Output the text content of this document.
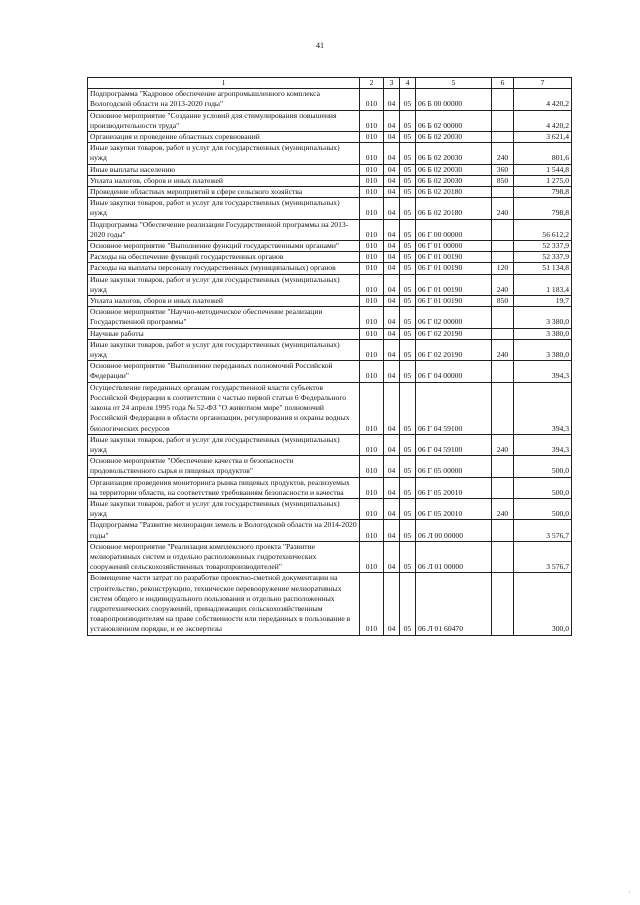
41
1	2	3	4	5	6	7
Подпрограмма "Кадровое обеспечение агропромышленного комплекса Вологодской области на 2013-2020 годы"	010	04	05	06 Б 00 00000		4 420,2
Основное мероприятие "Создание условий для стимулирования повышения производительности труда"	010	04	05	06 Б 02 00000		4 420,2
Организация и проведение областных соревнований	010	04	05	06 Б 02 20030		3 621,4
Иные закупки товаров, работ и услуг для государственных (муниципальных) нужд	010	04	05	06 Б 02 20030	240	801,6
Иные выплаты населению	010	04	05	06 Б 02 20030	360	1 544,8
Уплата налогов, сборов и иных платежей	010	04	05	06 Б 02 20030	850	1 275,0
Проведение областных мероприятий в сфере сельского хозяйства	010	04	05	06 Б 02 20180		798,8
Иные закупки товаров, работ и услуг для государственных (муниципальных) нужд	010	04	05	06 Б 02 20180	240	798,8
Подпрограмма "Обеспечение реализации Государственной программы на 2013-2020 годы"	010	04	05	06 Г 00 00000		56 612,2
Основное мероприятие "Выполнение функций государственными органами"	010	04	05	06 Г 01 00000		52 337,9
Расходы на обеспечение функций государственных органов	010	04	05	06 Г 01 00190		52 337,9
Расходы на выплаты персоналу государственных (муниципальных) органов	010	04	05	06 Г 01 00190	120	51 134,8
Иные закупки товаров, работ и услуг для государственных (муниципальных) нужд	010	04	05	06 Г 01 00190	240	1 183,4
Уплата налогов, сборов и иных платежей	010	04	05	06 Г 01 00190	850	19,7
Основное мероприятие "Научно-методическое обеспечение реализации Государственной программы"	010	04	05	06 Г 02 00000		3 380,0
Научные работы	010	04	05	06 Г 02 20190		3 380,0
Иные закупки товаров, работ и услуг для государственных (муниципальных) нужд	010	04	05	06 Г 02 20190	240	3 380,0
Основное мероприятие "Выполнение переданных полномочий Российской Федерации"	010	04	05	06 Г 04 00000		394,3
Осуществление переданных органам государственной власти субъектов Российской Федерации в соответствии с частью первой статьи 6 Федерального закона от 24 апреля 1995 года № 52-ФЗ "О животном мире" полномочий Российской Федерации в области организации, регулирования и охраны водных биологических ресурсов	010	04	05	06 Г 04 59100		394,3
Иные закупки товаров, работ и услуг для государственных (муниципальных) нужд	010	04	05	06 Г 04 59100	240	394,3
Основное мероприятие "Обеспечение качества и безопасности продовольственного сырья и пищевых продуктов"	010	04	05	06 Г 05 00000		500,0
Организация проведения мониторинга рынка пищевых продуктов, реализуемых на территории области, на соответствие требованиям безопасности и качества	010	04	05	06 Г 05 20010		500,0
Иные закупки товаров, работ и услуг для государственных (муниципальных) нужд	010	04	05	06 Г 05 20010	240	500,0
Подпрограмма "Развитие мелиорации земель в Вологодской области на 2014-2020 годы"	010	04	05	06 Л 00 00000		3 576,7
Основное мероприятие "Реализация комплексного проекта "Развитие мелиоративных систем и отдельно расположенных гидротехнических сооружений сельскохозяйственных товаропроизводителей"	010	04	05	06 Л 01 00000		3 576,7
Возмещение части затрат по разработке проектно-сметной документации на строительство, реконструкцию, техническое перевооружение мелиоративных систем общего и индивидуального пользования и отдельно расположенных гидротехнических сооружений, принадлежащих сельскохозяйственным товаропроизводителям на праве собственности или переданных в пользование в установленном порядке, и ее экспертизы	010	04	05	06 Л 01 60470		300,0
'
